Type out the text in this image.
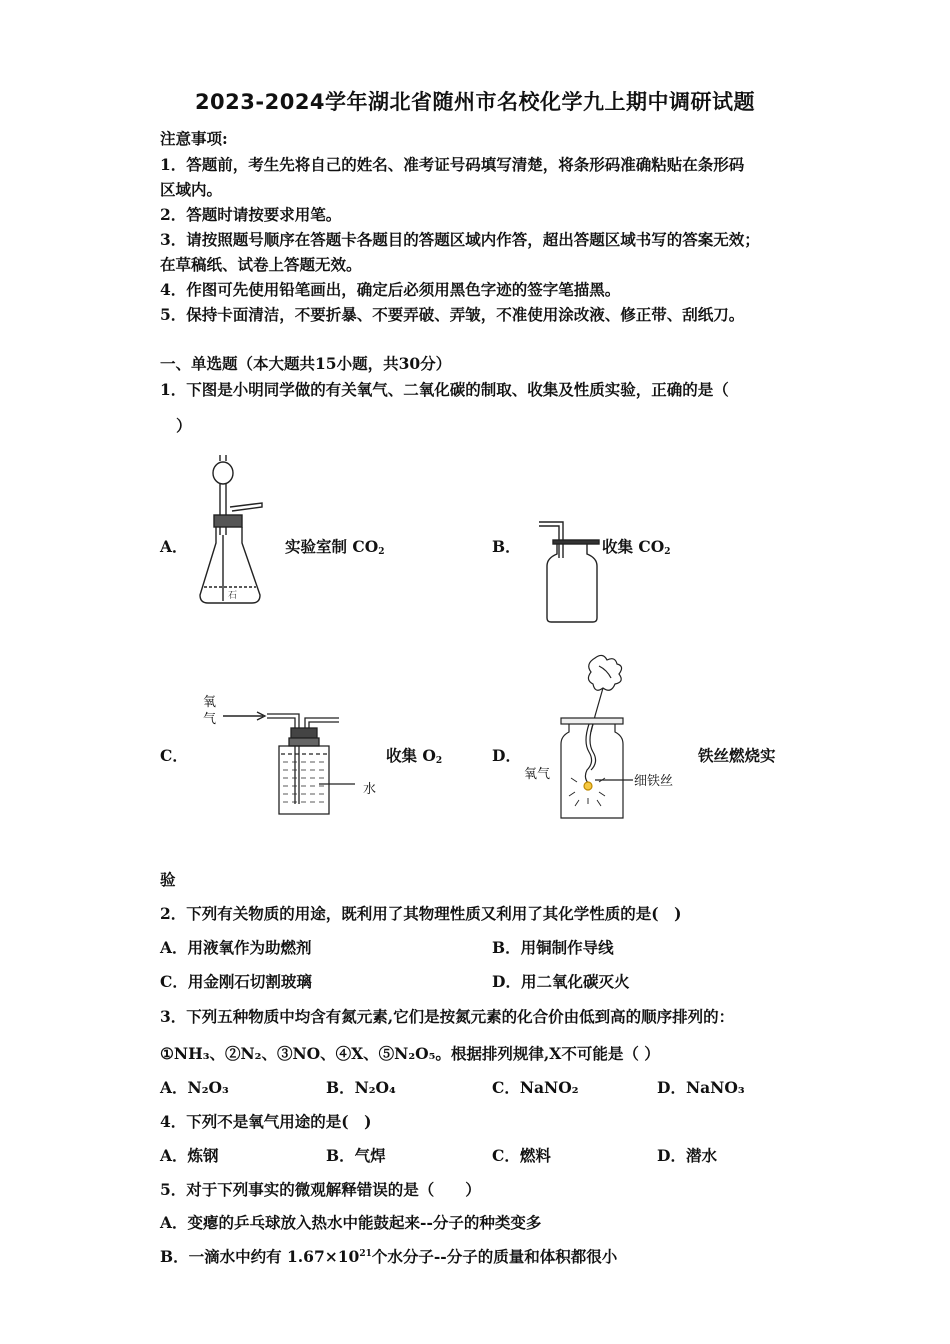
2023-2024学年湖北省随州市名校化学九上期中调研试题
注意事项:
1．答题前，考生先将自己的姓名、准考证号码填写清楚，将条形码准确粘贴在条形码
区域内。
2．答题时请按要求用笔。
3．请按照题号顺序在答题卡各题目的答题区域内作答，超出答题区域书写的答案无效；
在草稿纸、试卷上答题无效。
4．作图可先使用铅笔画出，确定后必须用黑色字迹的签字笔描黑。
5．保持卡面清洁，不要折暴、不要弄破、弄皱，不准使用涂改液、修正带、刮纸刀。
一、单选题（本大题共15小题，共30分）
1．下图是小明同学做的有关氧气、二氧化碳的制取、收集及性质实验，正确的是（
）
石
A．	实验室制 $CO_2$	B．	收集 $CO_2$
氧
气
水
C．	收集 $O_2$
氧气	细铁丝
D．	铁丝燃烧实
验
2．下列有关物质的用途，既利用了其物理性质又利用了其化学性质的是(　)
A．用液氧作为助燃剂	B．用铜制作导线
C．用金刚石切割玻璃	D．用二氧化碳灭火
3．下列五种物质中均含有氮元素,它们是按氮元素的化合价由低到高的顺序排列的：
①NH₃、②N₂、③NO、④X、⑤N₂O₅。根据排列规律,X不可能是（ ）
A．N₂O₃	B．N₂O₄	C．NaNO₂	D．NaNO₃
4．下列不是氧气用途的是(　)
A．炼钢	B．气焊	C．燃料	D．潜水
5．对于下列事实的微观解释错误的是（　　）
A．变瘪的乒乓球放入热水中能鼓起来--分子的种类变多
B．一滴水中约有 $1.67\times 10^{21}$个水分子--分子的质量和体积都很小
